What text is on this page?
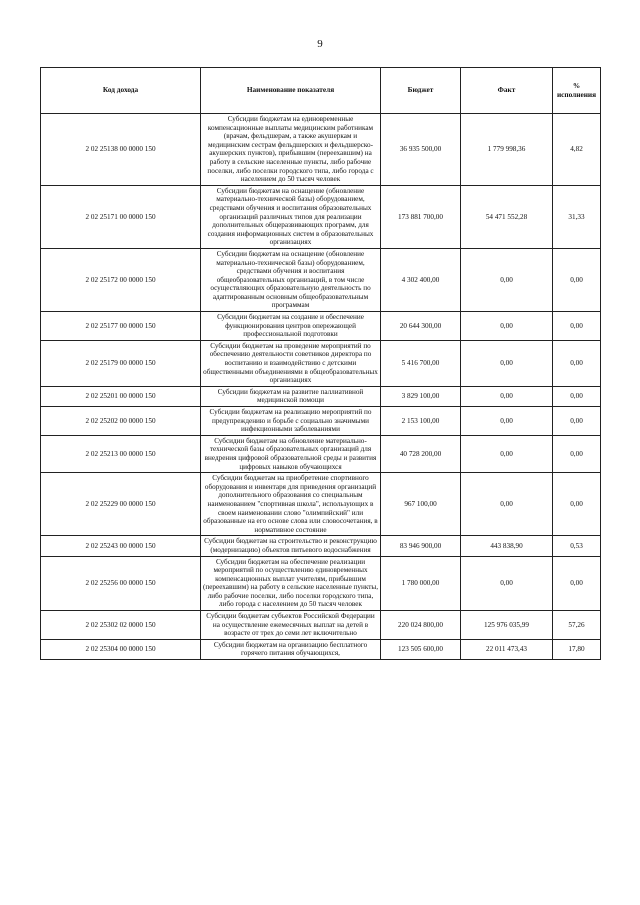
9
Код дохода	Наименование показателя	Бюджет	Факт	% исполнения
2 02 25138 00 0000 150	Субсидии бюджетам на единовременные компенсационные выплаты медицинским работникам (врачам, фельдшерам, а также акушеркам и медицинским сестрам фельдшерских и фельдшерско-акушерских пунктов), прибывшим (переехавшим) на работу в сельские населенные пункты, либо рабочие поселки, либо поселки городского типа, либо города с населением до 50 тысяч человек	36 935 500,00	1 779 998,36	4,82
2 02 25171 00 0000 150	Субсидии бюджетам на оснащение (обновление материально-технической базы) оборудованием, средствами обучения и воспитания образовательных организаций различных типов для реализации дополнительных общеразвивающих программ, для создания информационных систем в образовательных организациях	173 881 700,00	54 471 552,28	31,33
2 02 25172 00 0000 150	Субсидии бюджетам на оснащение (обновление материально-технической базы) оборудованием, средствами обучения и воспитания общеобразовательных организаций, в том числе осуществляющих образовательную деятельность по адаптированным основным общеобразовательным программам	4 302 400,00	0,00	0,00
2 02 25177 00 0000 150	Субсидии бюджетам на создание и обеспечение функционирования центров опережающей профессиональной подготовки	20 644 300,00	0,00	0,00
2 02 25179 00 0000 150	Субсидии бюджетам на проведение мероприятий по обеспечению деятельности советников директора по воспитанию и взаимодействию с детскими общественными объединениями в общеобразовательных организациях	5 416 700,00	0,00	0,00
2 02 25201 00 0000 150	Субсидии бюджетам на развитие паллиативной медицинской помощи	3 829 100,00	0,00	0,00
2 02 25202 00 0000 150	Субсидии бюджетам на реализацию мероприятий по предупреждению и борьбе с социально значимыми инфекционными заболеваниями	2 153 100,00	0,00	0,00
2 02 25213 00 0000 150	Субсидии бюджетам на обновление материально-технической базы образовательных организаций для внедрения цифровой образовательной среды и развития цифровых навыков обучающихся	40 728 200,00	0,00	0,00
2 02 25229 00 0000 150	Субсидии бюджетам на приобретение спортивного оборудования и инвентаря для приведения организаций дополнительного образования со специальным наименованием "спортивная школа", использующих в своем наименовании слово "олимпийский" или образованные на его основе слова или словосочетания, в нормативное состояние	967 100,00	0,00	0,00
2 02 25243 00 0000 150	Субсидии бюджетам на строительство и реконструкцию (модернизацию) объектов питьевого водоснабжения	83 946 900,00	443 838,90	0,53
2 02 25256 00 0000 150	Субсидии бюджетам на обеспечение реализации мероприятий по осуществлению единовременных компенсационных выплат учителям, прибывшим (переехавшим) на работу в сельские населенные пункты, либо рабочие поселки, либо поселки городского типа, либо города с населением до 50 тысяч человек	1 780 000,00	0,00	0,00
2 02 25302 02 0000 150	Субсидии бюджетам субъектов Российской Федерации на осуществление ежемесячных выплат на детей в возрасте от трех до семи лет включительно	220 024 800,00	125 976 035,99	57,26
2 02 25304 00 0000 150	Субсидии бюджетам на организацию бесплатного горячего питания обучающихся,	123 505 600,00	22 011 473,43	17,80
